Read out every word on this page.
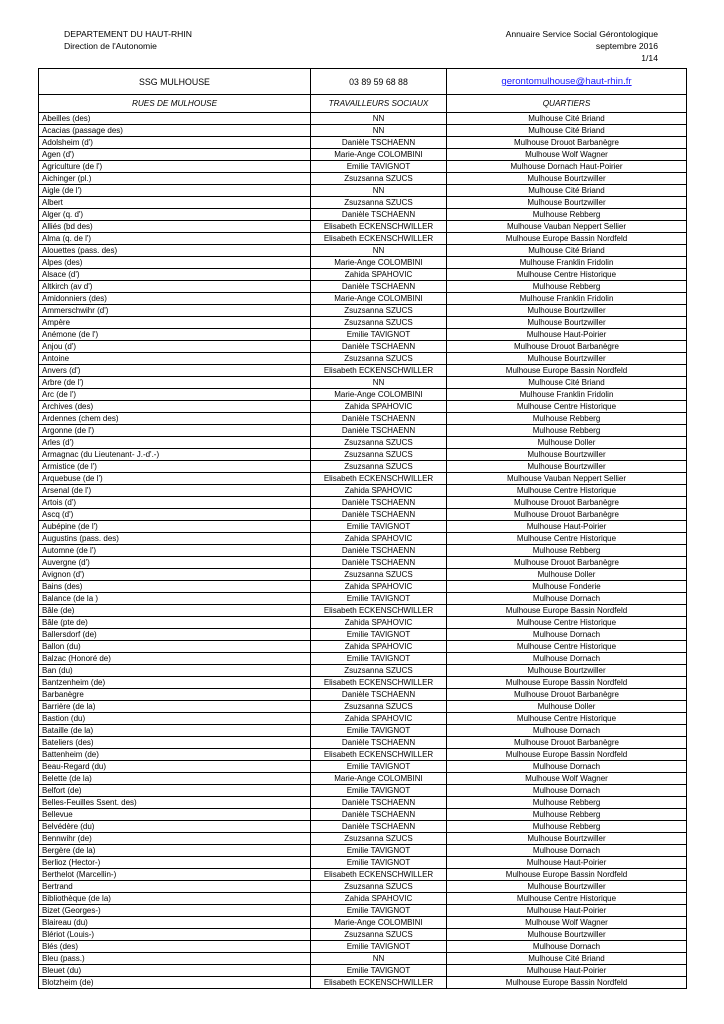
DEPARTEMENT DU HAUT-RHIN
Direction de l'Autonomie
Annuaire Service Social Gérontologique
septembre 2016
1/14
SSG MULHOUSE	03 89 59 68 88	gerontomulhouse@haut-rhin.fr
RUES DE MULHOUSE	TRAVAILLEURS SOCIAUX	QUARTIERS
Abeilles (des)	NN	Mulhouse Cité Briand
Acacias (passage des)	NN	Mulhouse Cité Briand
Adolsheim (d')	Danièle TSCHAENN	Mulhouse Drouot Barbanègre
Agen (d')	Marie-Ange COLOMBINI	Mulhouse Wolf Wagner
Agriculture (de l')	Emilie TAVIGNOT	Mulhouse Dornach Haut-Poirier
Aichinger (pl.)	Zsuzsanna SZUCS	Mulhouse Bourtzwiller
Aigle (de l')	NN	Mulhouse Cité Briand
Albert	Zsuzsanna SZUCS	Mulhouse Bourtzwiller
Alger (q. d')	Danièle TSCHAENN	Mulhouse Rebberg
Alliés (bd des)	Elisabeth ECKENSCHWILLER	Mulhouse Vauban Neppert Sellier
Alma (q. de l')	Elisabeth ECKENSCHWILLER	Mulhouse Europe Bassin Nordfeld
Alouettes (pass. des)	NN	Mulhouse Cité Briand
Alpes (des)	Marie-Ange COLOMBINI	Mulhouse Franklin Fridolin
Alsace (d')	Zahida SPAHOVIC	Mulhouse Centre Historique
Altkirch (av d')	Danièle TSCHAENN	Mulhouse Rebberg
Amidonniers (des)	Marie-Ange COLOMBINI	Mulhouse Franklin Fridolin
Ammerschwihr (d')	Zsuzsanna SZUCS	Mulhouse Bourtzwiller
Ampère	Zsuzsanna SZUCS	Mulhouse Bourtzwiller
Anémone (de l')	Emilie TAVIGNOT	Mulhouse Haut-Poirier
Anjou (d')	Danièle TSCHAENN	Mulhouse Drouot Barbanègre
Antoine	Zsuzsanna SZUCS	Mulhouse Bourtzwiller
Anvers (d')	Elisabeth ECKENSCHWILLER	Mulhouse Europe Bassin Nordfeld
Arbre (de l')	NN	Mulhouse Cité Briand
Arc (de l')	Marie-Ange COLOMBINI	Mulhouse Franklin Fridolin
Archives (des)	Zahida SPAHOVIC	Mulhouse Centre Historique
Ardennes (chem des)	Danièle TSCHAENN	Mulhouse Rebberg
Argonne (de l')	Danièle TSCHAENN	Mulhouse Rebberg
Arles (d')	Zsuzsanna SZUCS	Mulhouse Doller
Armagnac (du Lieutenant- J.-d'.-)	Zsuzsanna SZUCS	Mulhouse Bourtzwiller
Armistice (de l')	Zsuzsanna SZUCS	Mulhouse Bourtzwiller
Arquebuse (de l')	Elisabeth ECKENSCHWILLER	Mulhouse Vauban Neppert Sellier
Arsenal (de l')	Zahida SPAHOVIC	Mulhouse Centre Historique
Artois (d')	Danièle TSCHAENN	Mulhouse Drouot Barbanègre
Ascq (d')	Danièle TSCHAENN	Mulhouse Drouot Barbanègre
Aubépine (de l')	Emilie TAVIGNOT	Mulhouse Haut-Poirier
Augustins (pass. des)	Zahida SPAHOVIC	Mulhouse Centre Historique
Automne (de l')	Danièle TSCHAENN	Mulhouse Rebberg
Auvergne (d')	Danièle TSCHAENN	Mulhouse Drouot Barbanègre
Avignon (d')	Zsuzsanna SZUCS	Mulhouse Doller
Bains (des)	Zahida SPAHOVIC	Mulhouse Fonderie
Balance (de la )	Emilie TAVIGNOT	Mulhouse Dornach
Bâle (de)	Elisabeth ECKENSCHWILLER	Mulhouse Europe Bassin Nordfeld
Bâle (pte de)	Zahida SPAHOVIC	Mulhouse Centre Historique
Ballersdorf (de)	Emilie TAVIGNOT	Mulhouse Dornach
Ballon (du)	Zahida SPAHOVIC	Mulhouse Centre Historique
Balzac (Honoré de)	Emilie TAVIGNOT	Mulhouse Dornach
Ban (du)	Zsuzsanna SZUCS	Mulhouse Bourtzwiller
Bantzenheim (de)	Elisabeth ECKENSCHWILLER	Mulhouse Europe Bassin Nordfeld
Barbanègre	Danièle TSCHAENN	Mulhouse Drouot Barbanègre
Barrière (de la)	Zsuzsanna SZUCS	Mulhouse Doller
Bastion (du)	Zahida SPAHOVIC	Mulhouse Centre Historique
Bataille (de la)	Emilie TAVIGNOT	Mulhouse Dornach
Bateliers (des)	Danièle TSCHAENN	Mulhouse Drouot Barbanègre
Battenheim (de)	Elisabeth ECKENSCHWILLER	Mulhouse Europe Bassin Nordfeld
Beau-Regard (du)	Emilie TAVIGNOT	Mulhouse Dornach
Belette (de la)	Marie-Ange COLOMBINI	Mulhouse Wolf Wagner
Belfort (de)	Emilie TAVIGNOT	Mulhouse Dornach
Belles-Feuilles Ssent. des)	Danièle TSCHAENN	Mulhouse Rebberg
Bellevue	Danièle TSCHAENN	Mulhouse Rebberg
Belvédère (du)	Danièle TSCHAENN	Mulhouse Rebberg
Bennwihr (de)	Zsuzsanna SZUCS	Mulhouse Bourtzwiller
Bergère (de la)	Emilie TAVIGNOT	Mulhouse Dornach
Berlioz (Hector-)	Emilie TAVIGNOT	Mulhouse Haut-Poirier
Berthelot (Marcellin-)	Elisabeth ECKENSCHWILLER	Mulhouse Europe Bassin Nordfeld
Bertrand	Zsuzsanna SZUCS	Mulhouse Bourtzwiller
Bibliothèque (de la)	Zahida SPAHOVIC	Mulhouse Centre Historique
Bizet (Georges-)	Emilie TAVIGNOT	Mulhouse Haut-Poirier
Blaireau (du)	Marie-Ange COLOMBINI	Mulhouse Wolf Wagner
Blériot (Louis-)	Zsuzsanna SZUCS	Mulhouse Bourtzwiller
Blés (des)	Emilie TAVIGNOT	Mulhouse Dornach
Bleu (pass.)	NN	Mulhouse Cité Briand
Bleuet (du)	Emilie TAVIGNOT	Mulhouse Haut-Poirier
Blotzheim (de)	Elisabeth ECKENSCHWILLER	Mulhouse Europe Bassin Nordfeld
